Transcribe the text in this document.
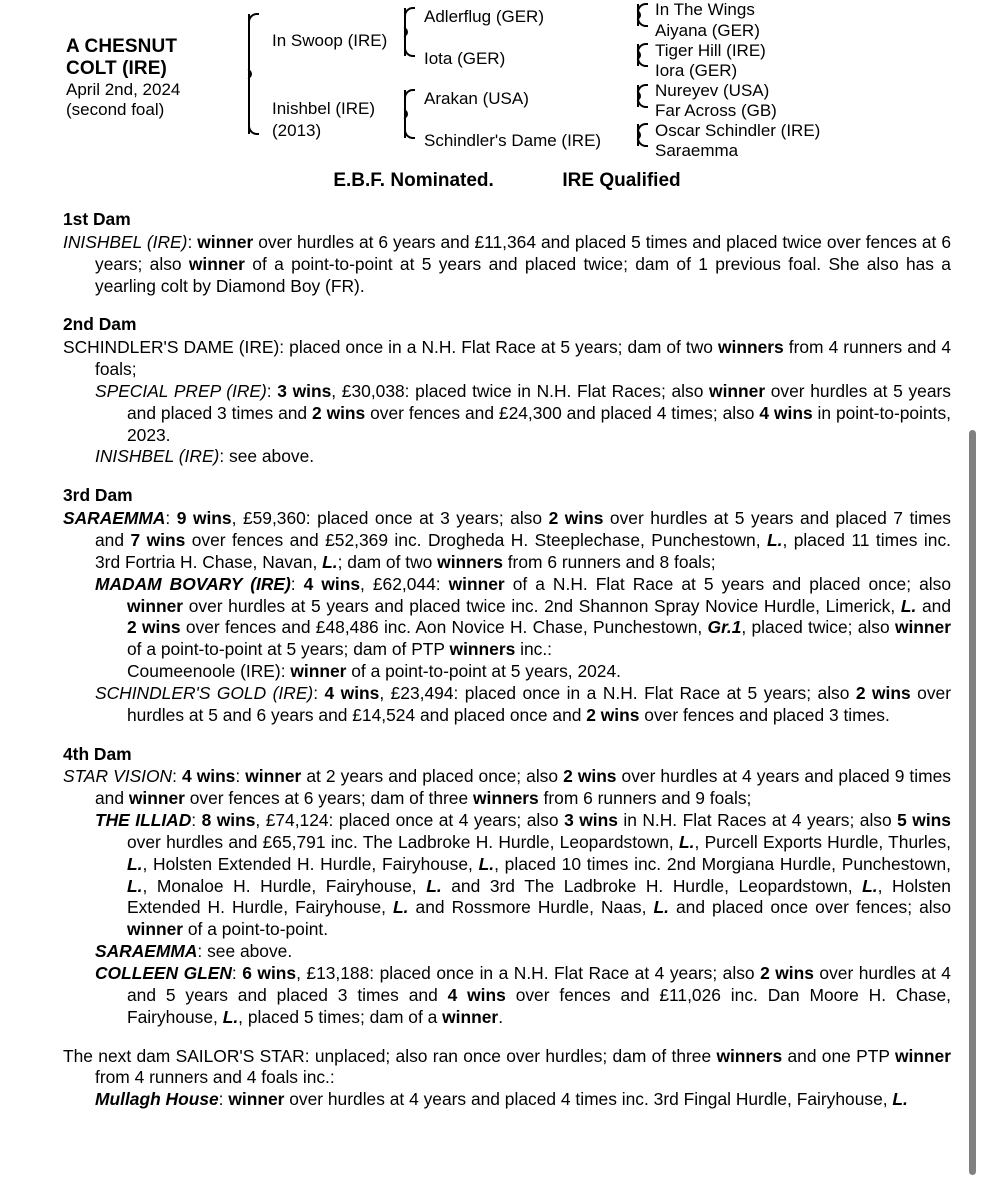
A CHESNUT
COLT (IRE)
April 2nd, 2024
(second foal)
In Swoop (IRE)
Inishbel (IRE)
(2013)
Adlerflug (GER)
Iota (GER)
Arakan (USA)
Schindler's Dame (IRE)
In The Wings
Aiyana (GER)
Tiger Hill (IRE)
Iora (GER)
Nureyev (USA)
Far Across (GB)
Oscar Schindler (IRE)
Saraemma
E.B.F. Nominated.	IRE Qualified
1st Dam
INISHBEL (IRE): winner over hurdles at 6 years and £11,364 and placed 5 times and placed twice over fences at 6 years; also winner of a point-to-point at 5 years and placed twice; dam of 1 previous foal. She also has a yearling colt by Diamond Boy (FR).
2nd Dam
SCHINDLER'S DAME (IRE): placed once in a N.H. Flat Race at 5 years; dam of two winners from 4 runners and 4 foals;
SPECIAL PREP (IRE): 3 wins, £30,038: placed twice in N.H. Flat Races; also winner over hurdles at 5 years and placed 3 times and 2 wins over fences and £24,300 and placed 4 times; also 4 wins in point-to-points, 2023.
INISHBEL (IRE): see above.
3rd Dam
SARAEMMA: 9 wins, £59,360: placed once at 3 years; also 2 wins over hurdles at 5 years and placed 7 times and 7 wins over fences and £52,369 inc. Drogheda H. Steeplechase, Punchestown, L., placed 11 times inc. 3rd Fortria H. Chase, Navan, L.; dam of two winners from 6 runners and 8 foals;
MADAM BOVARY (IRE): 4 wins, £62,044: winner of a N.H. Flat Race at 5 years and placed once; also winner over hurdles at 5 years and placed twice inc. 2nd Shannon Spray Novice Hurdle, Limerick, L. and 2 wins over fences and £48,486 inc. Aon Novice H. Chase, Punchestown, Gr.1, placed twice; also winner of a point-to-point at 5 years; dam of PTP winners inc.:
Coumeenoole (IRE): winner of a point-to-point at 5 years, 2024.
SCHINDLER'S GOLD (IRE): 4 wins, £23,494: placed once in a N.H. Flat Race at 5 years; also 2 wins over hurdles at 5 and 6 years and £14,524 and placed once and 2 wins over fences and placed 3 times.
4th Dam
STAR VISION: 4 wins: winner at 2 years and placed once; also 2 wins over hurdles at 4 years and placed 9 times and winner over fences at 6 years; dam of three winners from 6 runners and 9 foals;
THE ILLIAD: 8 wins, £74,124: placed once at 4 years; also 3 wins in N.H. Flat Races at 4 years; also 5 wins over hurdles and £65,791 inc. The Ladbroke H. Hurdle, Leopardstown, L., Purcell Exports Hurdle, Thurles, L., Holsten Extended H. Hurdle, Fairyhouse, L., placed 10 times inc. 2nd Morgiana Hurdle, Punchestown, L., Monaloe H. Hurdle, Fairyhouse, L. and 3rd The Ladbroke H. Hurdle, Leopardstown, L., Holsten Extended H. Hurdle, Fairyhouse, L. and Rossmore Hurdle, Naas, L. and placed once over fences; also winner of a point-to-point.
SARAEMMA: see above.
COLLEEN GLEN: 6 wins, £13,188: placed once in a N.H. Flat Race at 4 years; also 2 wins over hurdles at 4 and 5 years and placed 3 times and 4 wins over fences and £11,026 inc. Dan Moore H. Chase, Fairyhouse, L., placed 5 times; dam of a winner.
The next dam SAILOR'S STAR: unplaced; also ran once over hurdles; dam of three winners and one PTP winner from 4 runners and 4 foals inc.:
Mullagh House: winner over hurdles at 4 years and placed 4 times inc. 3rd Fingal Hurdle, Fairyhouse, L.
